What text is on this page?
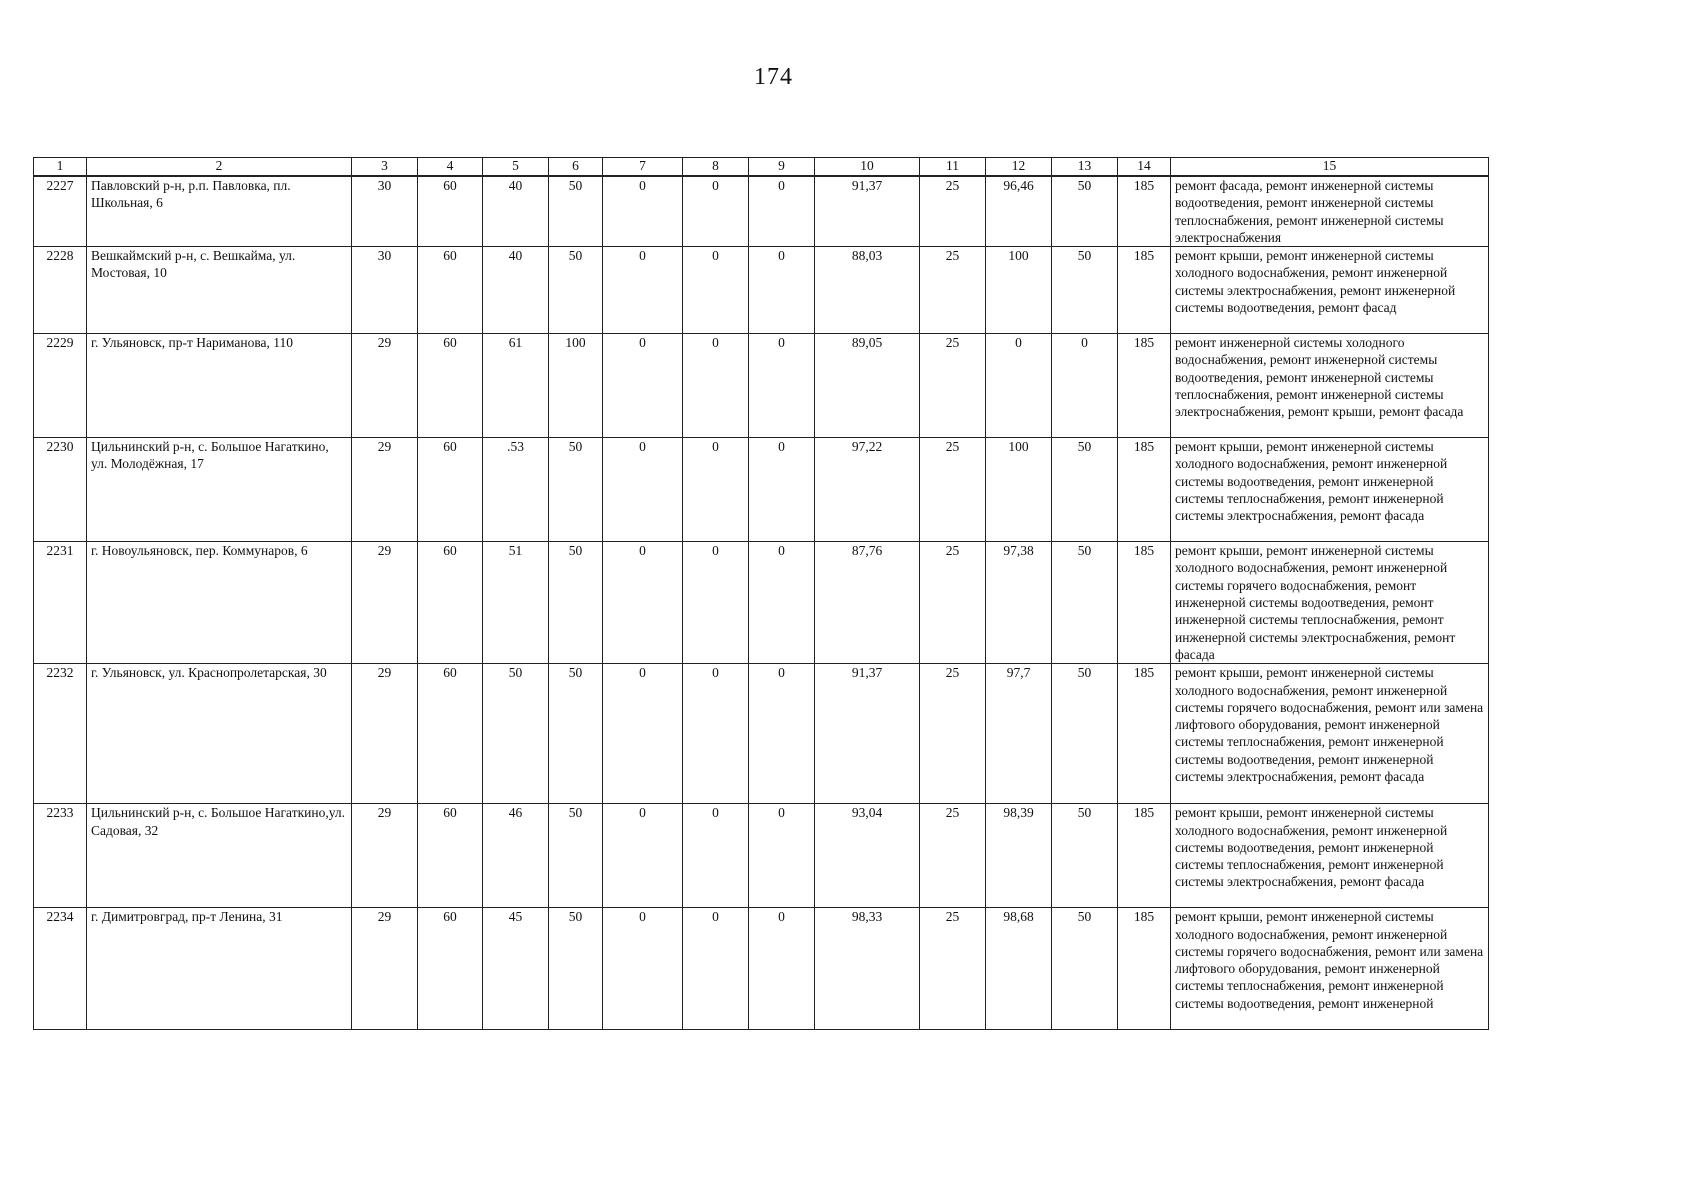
174
1	2	3	4	5	6	7	8	9	10	11	12	13	14	15
2227	Павловский р-н, р.п. Павловка, пл. Школьная, 6	30	60	40	50	0	0	0	91,37	25	96,46	50	185	ремонт фасада, ремонт инженерной системы водоотведения, ремонт инженерной системы теплоснабжения, ремонт инженерной системы электроснабжения
2228	Вешкаймский р-н, с. Вешкайма, ул. Мостовая, 10	30	60	40	50	0	0	0	88,03	25	100	50	185	ремонт крыши, ремонт инженерной системы холодного водоснабжения, ремонт инженерной системы электроснабжения, ремонт инженерной системы водоотведения, ремонт фасад
2229	г. Ульяновск, пр-т Нариманова, 110	29	60	61	100	0	0	0	89,05	25	0	0	185	ремонт инженерной системы холодного водоснабжения, ремонт инженерной системы водоотведения, ремонт инженерной системы теплоснабжения, ремонт инженерной системы электроснабжения, ремонт крыши, ремонт фасада
2230	Цильнинский р-н, с. Большое Нагаткино, ул. Молодёжная, 17	29	60	.53	50	0	0	0	97,22	25	100	50	185	ремонт крыши, ремонт инженерной системы холодного водоснабжения, ремонт инженерной системы водоотведения, ремонт инженерной системы теплоснабжения, ремонт инженерной системы электроснабжения, ремонт фасада
2231	г. Новоульяновск, пер. Коммунаров, 6	29	60	51	50	0	0	0	87,76	25	97,38	50	185	ремонт крыши, ремонт инженерной системы холодного водоснабжения, ремонт инженерной системы горячего водоснабжения, ремонт инженерной системы водоотведения, ремонт инженерной системы теплоснабжения, ремонт инженерной системы электроснабжения, ремонт фасада
2232	г. Ульяновск, ул. Краснопролетарская, 30	29	60	50	50	0	0	0	91,37	25	97,7	50	185	ремонт крыши, ремонт инженерной системы холодного водоснабжения, ремонт инженерной системы горячего водоснабжения, ремонт или замена лифтового оборудования, ремонт инженерной системы теплоснабжения, ремонт инженерной системы водоотведения, ремонт инженерной системы электроснабжения, ремонт фасада
2233	Цильнинский р-н, с. Большое Нагаткино,ул. Садовая, 32	29	60	46	50	0	0	0	93,04	25	98,39	50	185	ремонт крыши, ремонт инженерной системы холодного водоснабжения, ремонт инженерной системы водоотведения, ремонт инженерной системы теплоснабжения, ремонт инженерной системы электроснабжения, ремонт фасада
2234	г. Димитровград, пр-т Ленина, 31	29	60	45	50	0	0	0	98,33	25	98,68	50	185	ремонт крыши, ремонт инженерной системы холодного водоснабжения, ремонт инженерной системы горячего водоснабжения, ремонт или замена лифтового оборудования, ремонт инженерной системы теплоснабжения, ремонт инженерной системы водоотведения, ремонт инженерной
